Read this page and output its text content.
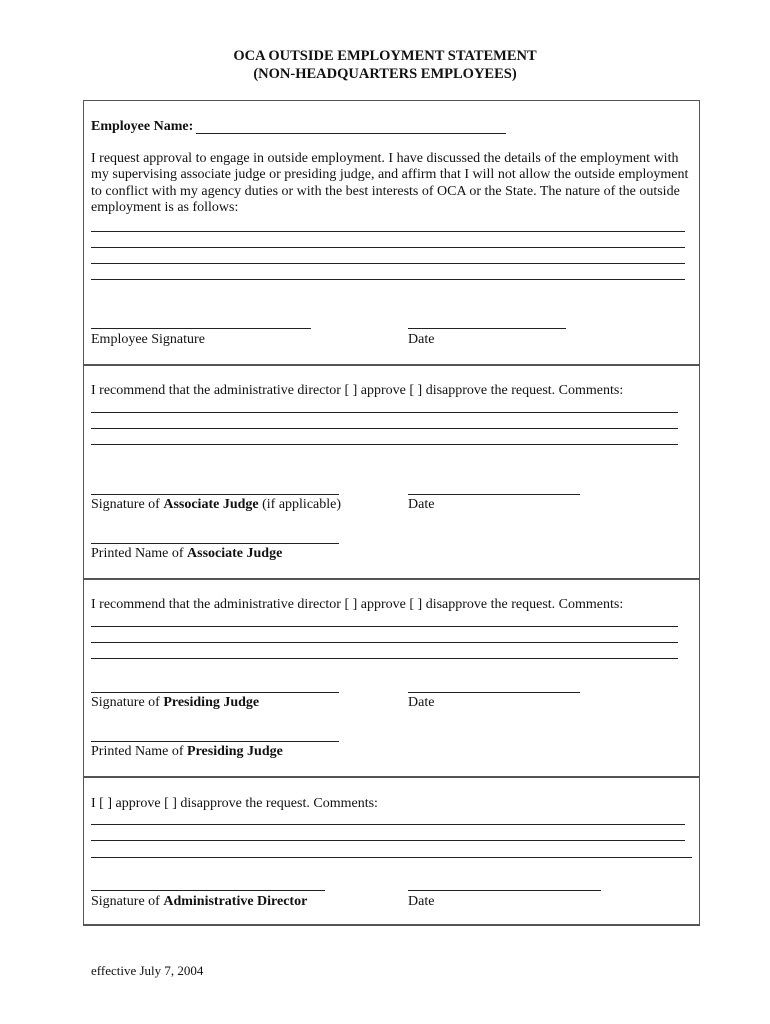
OCA OUTSIDE EMPLOYMENT STATEMENT
(NON-HEADQUARTERS EMPLOYEES)
Employee Name:
I request approval to engage in outside employment. I have discussed the details of the employment with my supervising associate judge or presiding judge, and affirm that I will not allow the outside employment to conflict with my agency duties or with the best interests of OCA or the State. The nature of the outside employment is as follows:
Employee Signature	Date
I recommend that the administrative director [ ] approve [ ] disapprove the request. Comments:
Signature of Associate Judge (if applicable)	Date
Printed Name of Associate Judge
I recommend that the administrative director [ ] approve [ ] disapprove the request. Comments:
Signature of Presiding Judge	Date
Printed Name of Presiding Judge
I [ ] approve [ ] disapprove the request. Comments:
Signature of Administrative Director	Date
effective July 7, 2004
